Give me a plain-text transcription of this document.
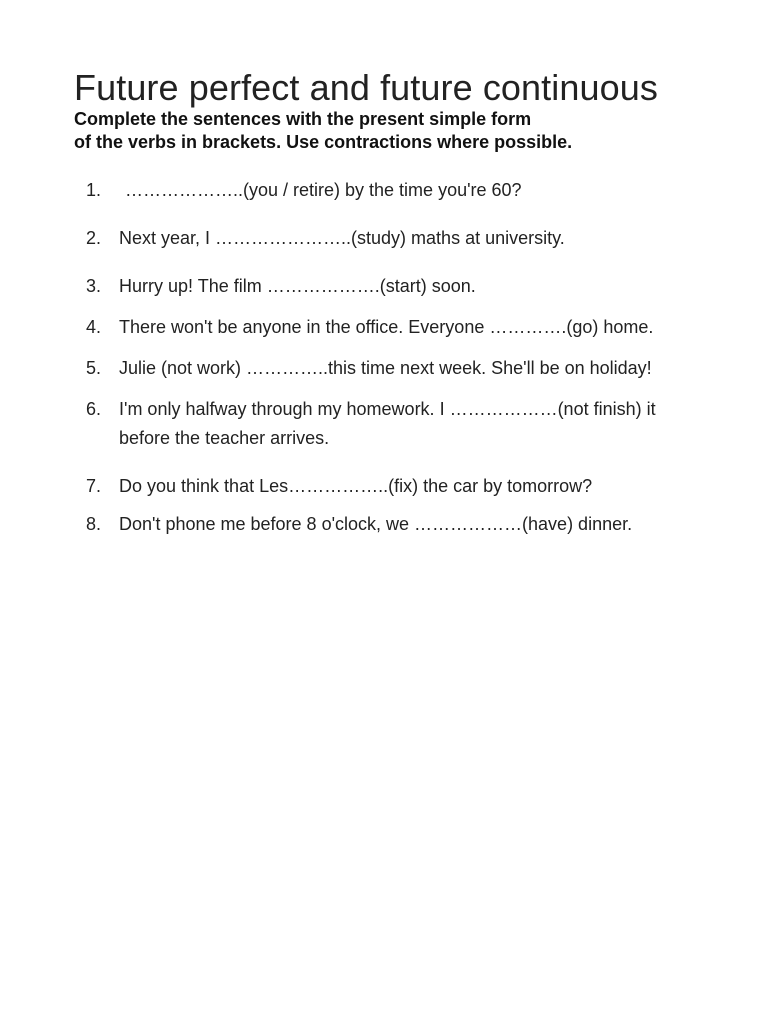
Future perfect and future continuous

Complete the sentences with the present simple form
of the verbs in brackets. Use contractions where possible.

1. ………………..(you / retire) by the time you're 60?
2. Next year, I …………………..(study) maths at university.
3. Hurry up! The film ……………….(start) soon.
4. There won't be anyone in the office. Everyone ………….(go) home.
5. Julie (not work) …………..this time next week. She'll be on holiday!
6. I'm only halfway through my homework. I ………………(not finish) it before the teacher arrives.
7. Do you think that Les……………..(fix) the car by tomorrow?
8. Don't phone me before 8 o'clock, we ………………(have) dinner.
